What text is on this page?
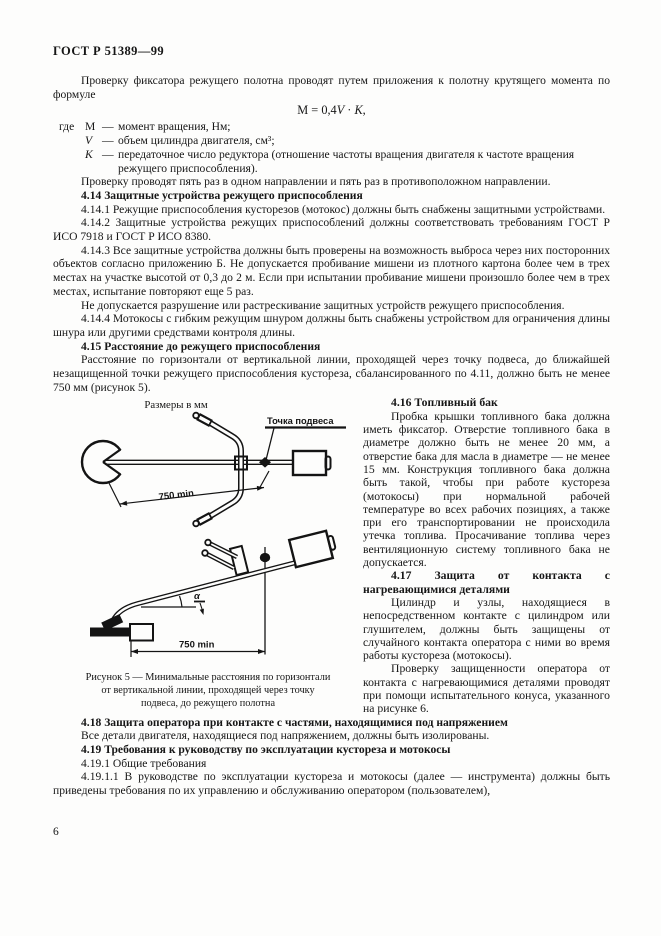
ГОСТ Р 51389—99

Проверку фиксатора режущего полотна проводят путем приложения к полотну крутящего момента по формуле

М = 0,4V · К,
где М — момент вращения, Нм;
V — объем цилиндра двигателя, см³;
К — передаточное число редуктора (отношение частоты вращения двигателя к частоте вращения режущего приспособления).

Проверку проводят пять раз в одном направлении и пять раз в противоположном направлении.

4.14 Защитные устройства режущего приспособления

4.14.1 Режущие приспособления кусторезов (мотокос) должны быть снабжены защитными устройствами.

4.14.2 Защитные устройства режущих приспособлений должны соответствовать требованиям ГОСТ Р ИСО 7918 и ГОСТ Р ИСО 8380.

4.14.3 Все защитные устройства должны быть проверены на возможность выброса через них посторонних объектов согласно приложению Б. Не допускается пробивание мишени из плотного картона более чем в трех местах на участке высотой от 0,3 до 2 м. Если при испытании пробивание мишени произошло более чем в трех местах, испытание повторяют еще 5 раз.

Не допускается разрушение или растрескивание защитных устройств режущего приспособления.

4.14.4 Мотокосы с гибким режущим шнуром должны быть снабжены устройством для ограничения длины шнура или другими средствами контроля длины.

4.15 Расстояние до режущего приспособления

Расстояние по горизонтали от вертикальной линии, проходящей через точку подвеса, до ближайшей незащищенной точки режущего приспособления кустореза, сбалансированного по 4.11, должно быть не менее 750 мм (рисунок 5).

Размеры в мм
Точка подвеса
750 min
α
750 min
Рисунок 5 — Минимальные расстояния по горизонтали
от вертикальной линии, проходящей через точку
подвеса, до режущего полотна

4.16 Топливный бак

Пробка крышки топливного бака должна иметь фиксатор. Отверстие топливного бака в диаметре должно быть не менее 20 мм, а отверстие бака для масла в диаметре — не менее 15 мм. Конструкция топливного бака должна быть такой, чтобы при работе кустореза (мотокосы) при нормальной рабочей температуре во всех рабочих позициях, а также при его транспортировании не происходила утечка топлива. Просачивание топлива через вентиляционную систему топливного бака не допускается.

4.17 Защита от контакта с нагревающимися деталями

Цилиндр и узлы, находящиеся в непосредственном контакте с цилиндром или глушителем, должны быть защищены от случайного контакта оператора с ними во время работы кустореза (мотокосы).

Проверку защищенности оператора от контакта с нагревающимися деталями проводят при помощи испытательного конуса, указанного на рисунке 6.

4.18 Защита оператора при контакте с частями, находящимися под напряжением

Все детали двигателя, находящиеся под напряжением, должны быть изолированы.

4.19 Требования к руководству по эксплуатации кустореза и мотокосы

4.19.1 Общие требования

4.19.1.1 В руководстве по эксплуатации кустореза и мотокосы (далее — инструмента) должны быть приведены требования по их управлению и обслуживанию оператором (пользователем),

6
